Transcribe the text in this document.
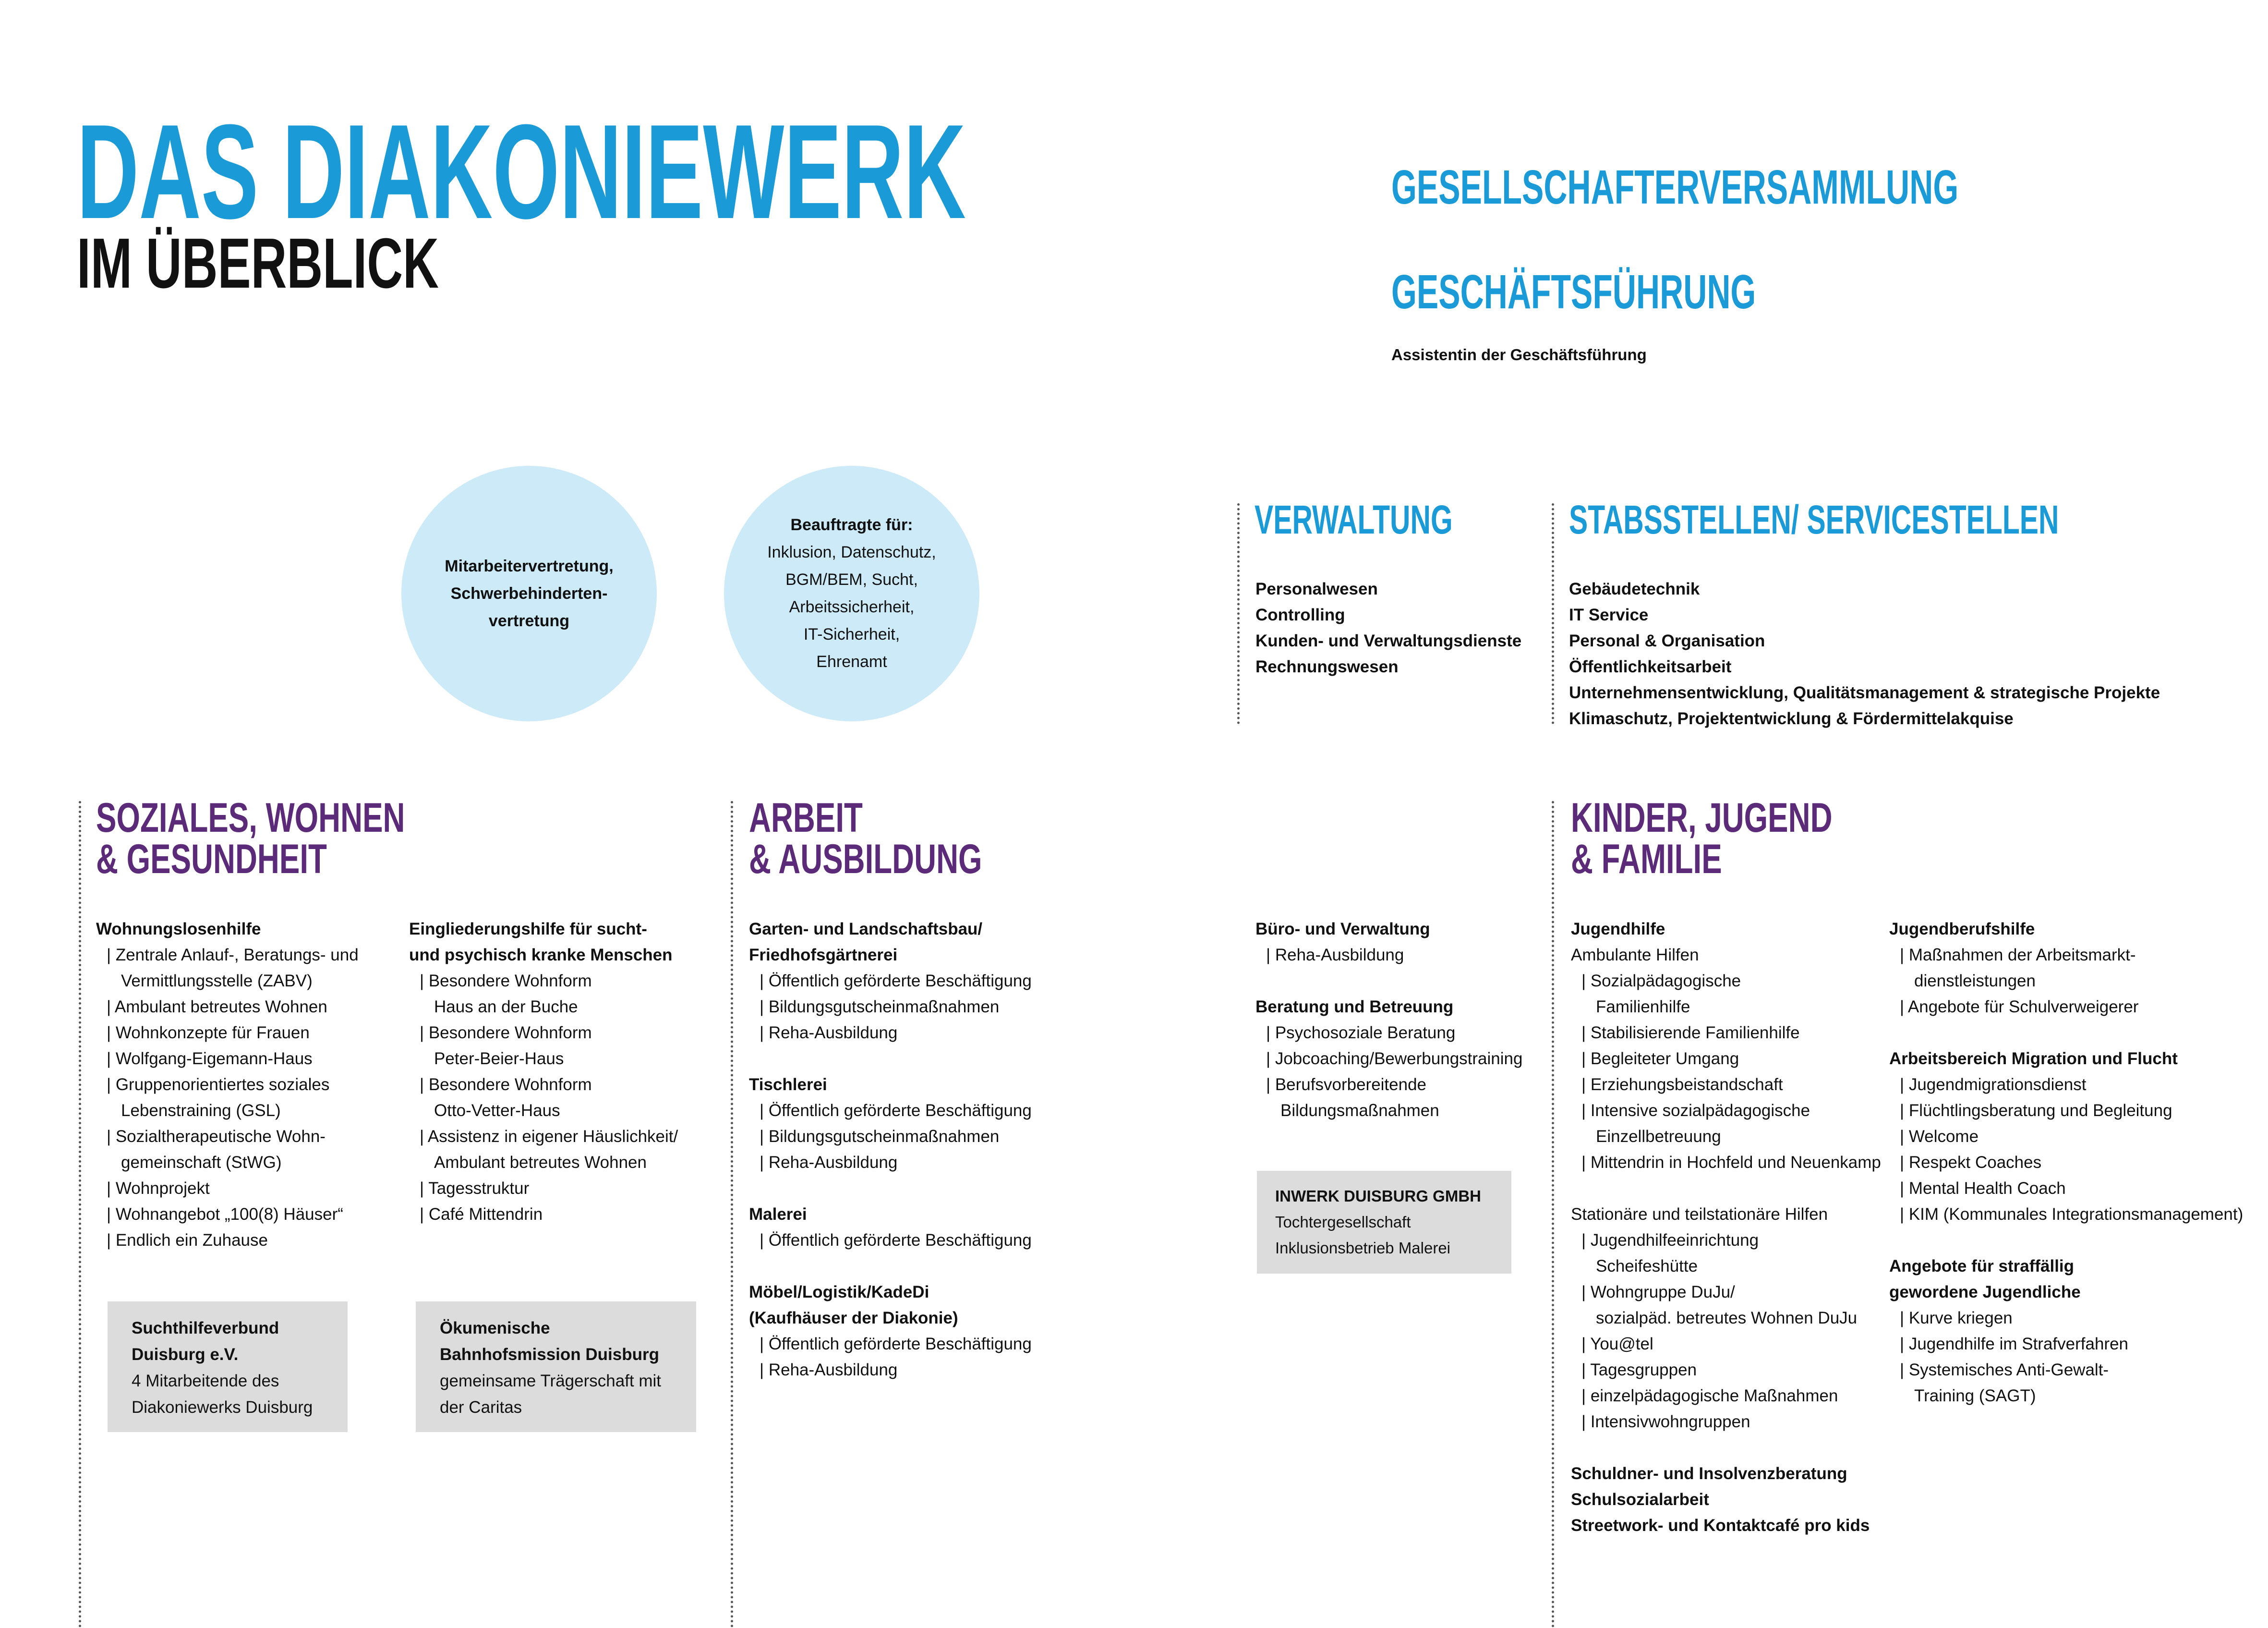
DAS DIAKONIEWERK
IM ÜBERBLICK
GESELLSCHAFTERVERSAMMLUNG
GESCHÄFTSFÜHRUNG
Assistentin der Geschäftsführung
Mitarbeitervertretung,
Schwerbehinderten-
vertretung
Beauftragte für:
Inklusion, Datenschutz,
BGM/BEM, Sucht,
Arbeitssicherheit,
IT-Sicherheit,
Ehrenamt
VERWALTUNG
Personalwesen
Controlling
Kunden- und Verwaltungsdienste
Rechnungswesen
STABSSTELLEN/ SERVICESTELLEN
Gebäudetechnik
IT Service
Personal & Organisation
Öffentlichkeitsarbeit
Unternehmensentwicklung, Qualitätsmanagement & strategische Projekte
Klimaschutz, Projektentwicklung & Fördermittelakquise
SOZIALES, WOHNEN
& GESUNDHEIT
Wohnungslosenhilfe
| Zentrale Anlauf-, Beratungs- und
Vermittlungsstelle (ZABV)
| Ambulant betreutes Wohnen
| Wohnkonzepte für Frauen
| Wolfgang-Eigemann-Haus
| Gruppenorientiertes soziales
Lebenstraining (GSL)
| Sozialtherapeutische Wohn-
gemeinschaft (StWG)
| Wohnprojekt
| Wohnangebot „100(8) Häuser“
| Endlich ein Zuhause
Eingliederungshilfe für sucht-
und psychisch kranke Menschen
| Besondere Wohnform
Haus an der Buche
| Besondere Wohnform
Peter-Beier-Haus
| Besondere Wohnform
Otto-Vetter-Haus
| Assistenz in eigener Häuslichkeit/
Ambulant betreutes Wohnen
| Tagesstruktur
| Café Mittendrin
Suchthilfeverbund
Duisburg e.V.
4 Mitarbeitende des
Diakoniewerks Duisburg
Ökumenische
Bahnhofsmission Duisburg
gemeinsame Trägerschaft mit
der Caritas
ARBEIT
& AUSBILDUNG
Garten- und Landschaftsbau/
Friedhofsgärtnerei
| Öffentlich geförderte Beschäftigung
| Bildungsgutscheinmaßnahmen
| Reha-Ausbildung
Tischlerei
| Öffentlich geförderte Beschäftigung
| Bildungsgutscheinmaßnahmen
| Reha-Ausbildung
Malerei
| Öffentlich geförderte Beschäftigung
Möbel/Logistik/KadeDi
(Kaufhäuser der Diakonie)
| Öffentlich geförderte Beschäftigung
| Reha-Ausbildung
Büro- und Verwaltung
| Reha-Ausbildung
Beratung und Betreuung
| Psychosoziale Beratung
| Jobcoaching/Bewerbungstraining
| Berufsvorbereitende
Bildungsmaßnahmen
INWERK DUISBURG GMBH
Tochtergesellschaft
Inklusionsbetrieb Malerei
KINDER, JUGEND
& FAMILIE
Jugendhilfe
Ambulante Hilfen
| Sozialpädagogische
Familienhilfe
| Stabilisierende Familienhilfe
| Begleiteter Umgang
| Erziehungsbeistandschaft
| Intensive sozialpädagogische
Einzellbetreuung
| Mittendrin in Hochfeld und Neuenkamp
Stationäre und teilstationäre Hilfen
| Jugendhilfeeinrichtung
Scheifeshütte
| Wohngruppe DuJu/
sozialpäd. betreutes Wohnen DuJu
| You@tel
| Tagesgruppen
| einzelpädagogische Maßnahmen
| Intensivwohngruppen
Schuldner- und Insolvenzberatung
Schulsozialarbeit
Streetwork- und Kontaktcafé pro kids
Jugendberufshilfe
| Maßnahmen der Arbeitsmarkt-
dienstleistungen
| Angebote für Schulverweigerer
Arbeitsbereich Migration und Flucht
| Jugendmigrationsdienst
| Flüchtlingsberatung und Begleitung
| Welcome
| Respekt Coaches
| Mental Health Coach
| KIM (Kommunales Integrationsmanagement)
Angebote für straffällig
gewordene Jugendliche
| Kurve kriegen
| Jugendhilfe im Strafverfahren
| Systemisches Anti-Gewalt-
Training (SAGT)
